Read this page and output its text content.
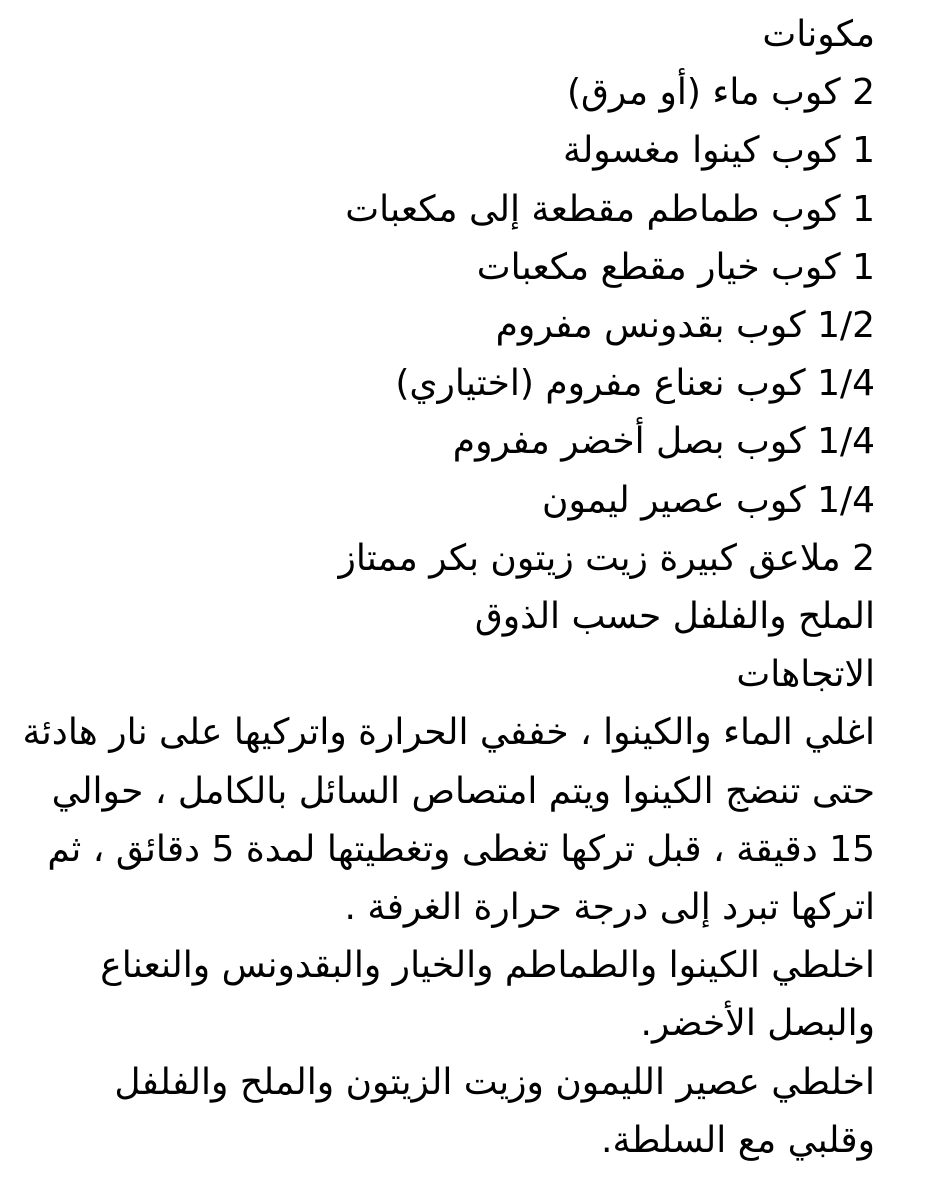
مكونات
2 كوب ماء (أو مرق)
1 كوب كينوا مغسولة
1 كوب طماطم مقطعة إلى مكعبات
1 كوب خيار مقطع مكعبات
1/2 كوب بقدونس مفروم
1/4 كوب نعناع مفروم (اختياري)
1/4 كوب بصل أخضر مفروم
1/4 كوب عصير ليمون
2 ملاعق كبيرة زيت زيتون بكر ممتاز
الملح والفلفل حسب الذوق
الاتجاهات
اغلي الماء والكينوا ، خففي الحرارة واتركيها على نار هادئة
حتى تنضج الكينوا ويتم امتصاص السائل بالكامل ، حوالي
15 دقيقة ، قبل تركها تغطى وتغطيتها لمدة 5 دقائق ، ثم
اتركها تبرد إلى درجة حرارة الغرفة .
اخلطي الكينوا والطماطم والخيار والبقدونس والنعناع
والبصل الأخضر.
اخلطي عصير الليمون وزيت الزيتون والملح والفلفل
وقلبي مع السلطة.
